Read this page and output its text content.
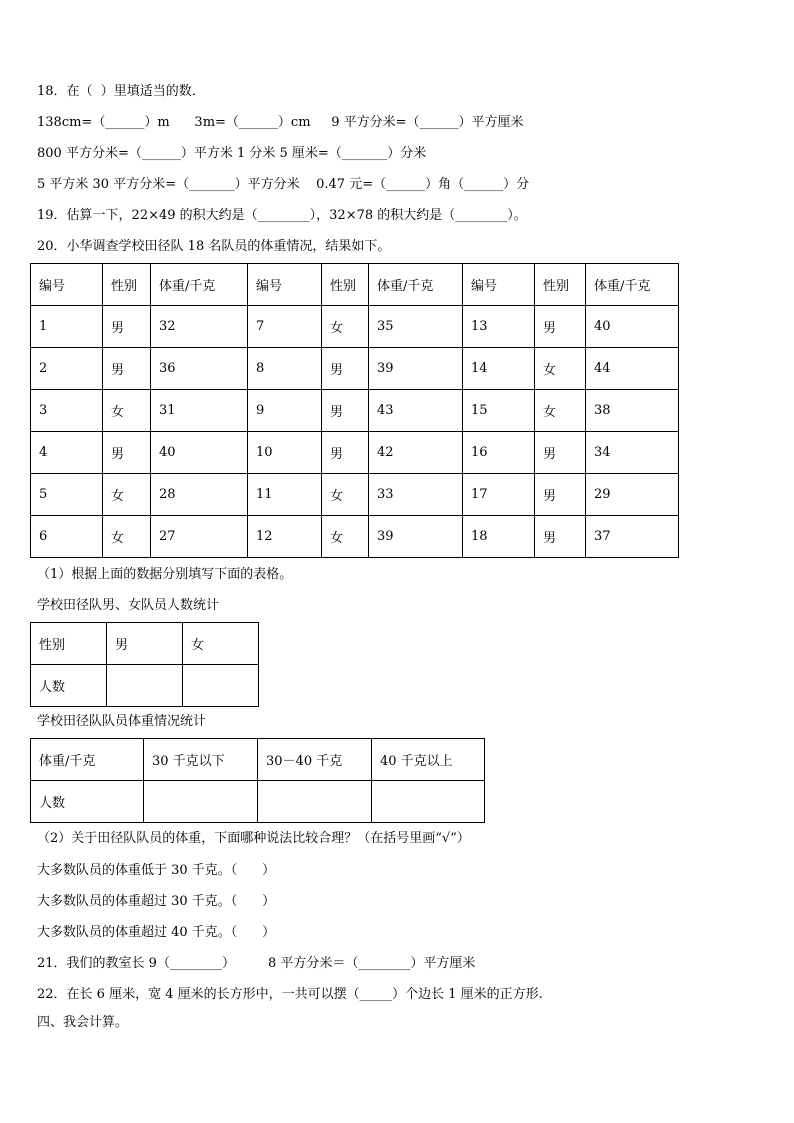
18．在（  ）里填适当的数．
138cm=（______）m      3m=（______）cm     9 平方分米=（______）平方厘米
800 平方分米=（______）平方米 1 分米 5 厘米=（_______）分米
5 平方米 30 平方分米=（_______）平方分米    0.47 元=（______）角（______）分
19．估算一下，22×49 的积大约是（________），32×78 的积大约是（________）。
20．小华调查学校田径队 18 名队员的体重情况，结果如下。
编号	性别	体重/千克	编号	性别	体重/千克	编号	性别	体重/千克
1	男	32	7	女	35	13	男	40
2	男	36	8	男	39	14	女	44
3	女	31	9	男	43	15	女	38
4	男	40	10	男	42	16	男	34
5	女	28	11	女	33	17	男	29
6	女	27	12	女	39	18	男	37
（1）根据上面的数据分别填写下面的表格。
学校田径队男、女队员人数统计
性别	男	女
人数		
学校田径队队员体重情况统计
体重/千克	30 千克以下	30－40 千克	40 千克以上
人数			
（2）关于田径队队员的体重，下面哪种说法比较合理？（在括号里画“√”）
大多数队员的体重低于 30 千克。（      ）
大多数队员的体重超过 30 千克。（      ）
大多数队员的体重超过 40 千克。（      ）
21．我们的教室长 9（________）        8 平方分米＝（________）平方厘米
22．在长 6 厘米，宽 4 厘米的长方形中，一共可以摆（_____）个边长 1 厘米的正方形.
四、我会计算。
